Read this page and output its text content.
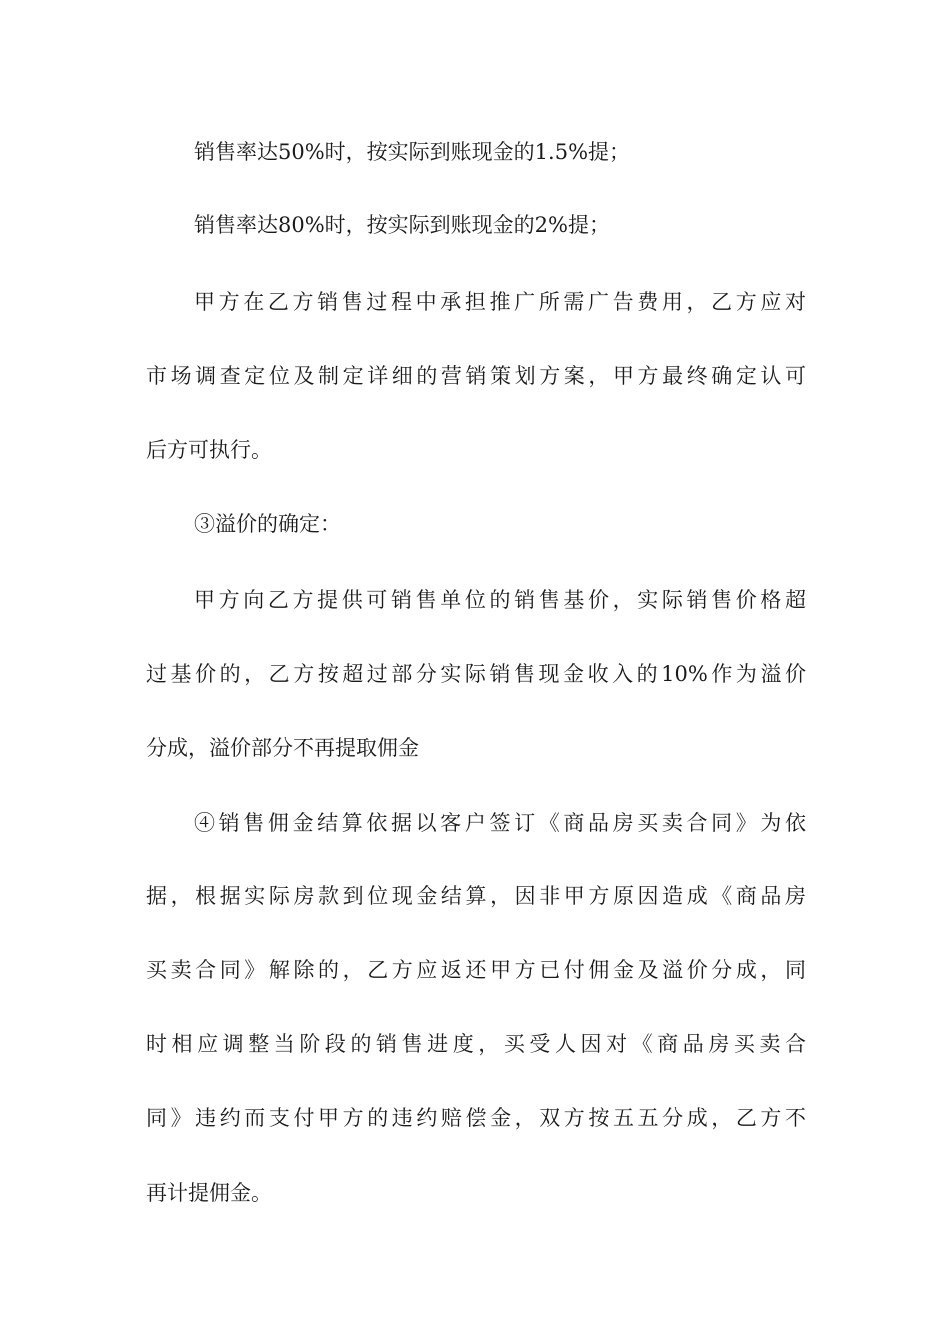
销售率达50%时，按实际到账现金的1.5%提；
销售率达80%时，按实际到账现金的2%提；
甲方在乙方销售过程中承担推广所需广告费用，乙方应对
市场调查定位及制定详细的营销策划方案，甲方最终确定认可
后方可执行。
③溢价的确定：
甲方向乙方提供可销售单位的销售基价，实际销售价格超
过基价的，乙方按超过部分实际销售现金收入的10%作为溢价
分成，溢价部分不再提取佣金
④销售佣金结算依据以客户签订《商品房买卖合同》为依
据，根据实际房款到位现金结算，因非甲方原因造成《商品房
买卖合同》解除的，乙方应返还甲方已付佣金及溢价分成，同
时相应调整当阶段的销售进度，买受人因对《商品房买卖合
同》违约而支付甲方的违约赔偿金，双方按五五分成，乙方不
再计提佣金。
